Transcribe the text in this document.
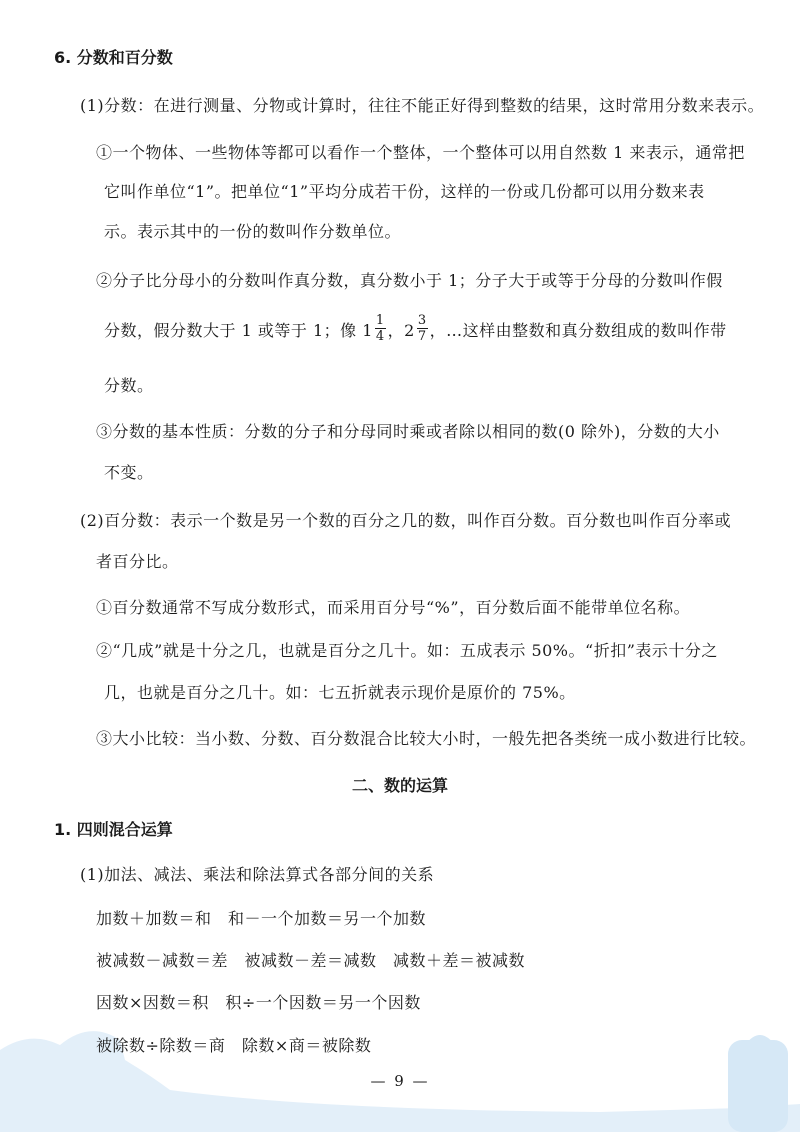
6. 分数和百分数
(1)分数：在进行测量、分物或计算时，往往不能正好得到整数的结果，这时常用分数来表示。
①一个物体、一些物体等都可以看作一个整体，一个整体可以用自然数 1 来表示，通常把
它叫作单位“1”。把单位“1”平均分成若干份，这样的一份或几份都可以用分数来表
示。表示其中的一份的数叫作分数单位。
②分子比分母小的分数叫作真分数，真分数小于 1；分子大于或等于分母的分数叫作假
分数，假分数大于 1 或等于 1；像 $1 \frac{1}{4}$ ，$2 \frac{3}{7}$ ，…这样由整数和真分数组成的数叫作带
分数。
③分数的基本性质：分数的分子和分母同时乘或者除以相同的数(0 除外)，分数的大小
不变。
(2)百分数：表示一个数是另一个数的百分之几的数，叫作百分数。百分数也叫作百分率或
者百分比。
①百分数通常不写成分数形式，而采用百分号“%”，百分数后面不能带单位名称。
②“几成”就是十分之几，也就是百分之几十。如：五成表示 50%。“折扣”表示十分之
几，也就是百分之几十。如：七五折就表示现价是原价的 75%。
③大小比较：当小数、分数、百分数混合比较大小时，一般先把各类统一成小数进行比较。
二、数的运算
1. 四则混合运算
(1)加法、减法、乘法和除法算式各部分间的关系
加数＋加数＝和　和－一个加数＝另一个加数
被减数－减数＝差　被减数－差＝减数　减数＋差＝被减数
因数×因数＝积　积÷一个因数＝另一个因数
被除数÷除数＝商　除数×商＝被除数
— 9 —
